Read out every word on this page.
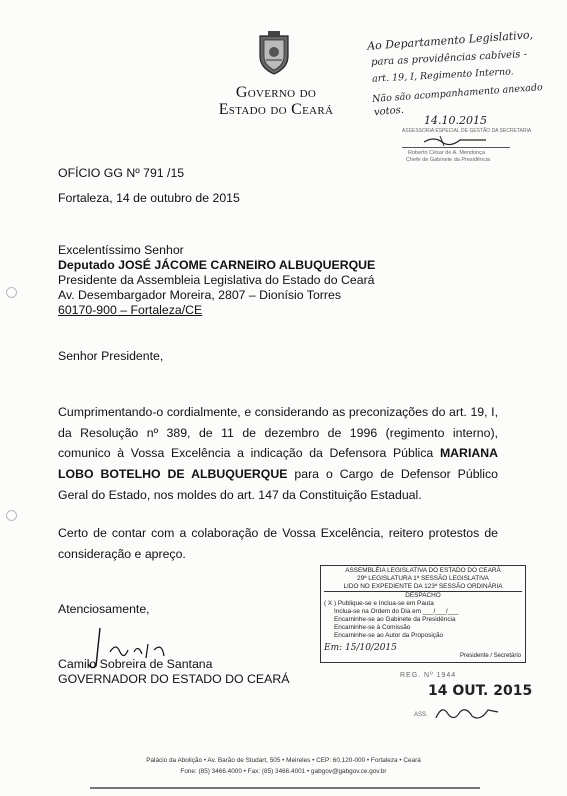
Governo do
Estado do Ceará
Ao Departamento Legislativo,
para as providências cabíveis -
art. 19, I, Regimento Interno.
Não são acompanhamento anexado
votos.
14.10.2015
ASSESSORIA ESPECIAL DE GESTÃO DA SECRETARIA
Roberto César de A. Mendonça
Chefe de Gabinete da Presidência
OFÍCIO GG Nº 791 /15
Fortaleza, 14 de outubro de 2015
Excelentíssimo Senhor
Deputado JOSÉ JÁCOME CARNEIRO ALBUQUERQUE
Presidente da Assembleia Legislativa do Estado do Ceará
Av. Desembargador Moreira, 2807 – Dionísio Torres
60170-900 – Fortaleza/CE
Senhor Presidente,
Cumprimentando-o cordialmente, e considerando as preconizações do art. 19, I, da Resolução nº 389, de 11 de dezembro de 1996 (regimento interno), comunico à Vossa Excelência a indicação da Defensora Pública MARIANA LOBO BOTELHO DE ALBUQUERQUE para o Cargo de Defensor Público Geral do Estado, nos moldes do art. 147 da Constituição Estadual.
Certo de contar com a colaboração de Vossa Excelência, reitero protestos de consideração e apreço.
Atenciosamente,
Camilo Sobreira de Santana
GOVERNADOR DO ESTADO DO CEARÁ
ASSEMBLÉIA LEGISLATIVA DO ESTADO DO CEARÁ
29ª LEGISLATURA 1ª SESSÃO LEGISLATIVA
LIDO NO EXPEDIENTE DA 123ª SESSÃO ORDINÁRIA
DESPACHO
( X ) Publique-se e Inclua-se em Pauta
Inclua-se na Ordem do Dia em ___/___/___
Encaminhe-se ao Gabinete da Presidência
Encaminhe-se à Comissão
Encaminhe-se ao Autor da Proposição
Em: 15/10/2015
Presidente / Secretário
REG. Nº 1944
14 OUT. 2015
ASS.
Palácio da Abolição • Av. Barão de Studart, 505 • Meireles • CEP: 60.120-000 • Fortaleza • Ceará
Fone: (85) 3466.4000 • Fax: (85) 3466.4001 • gabgov@gabgov.ce.gov.br
